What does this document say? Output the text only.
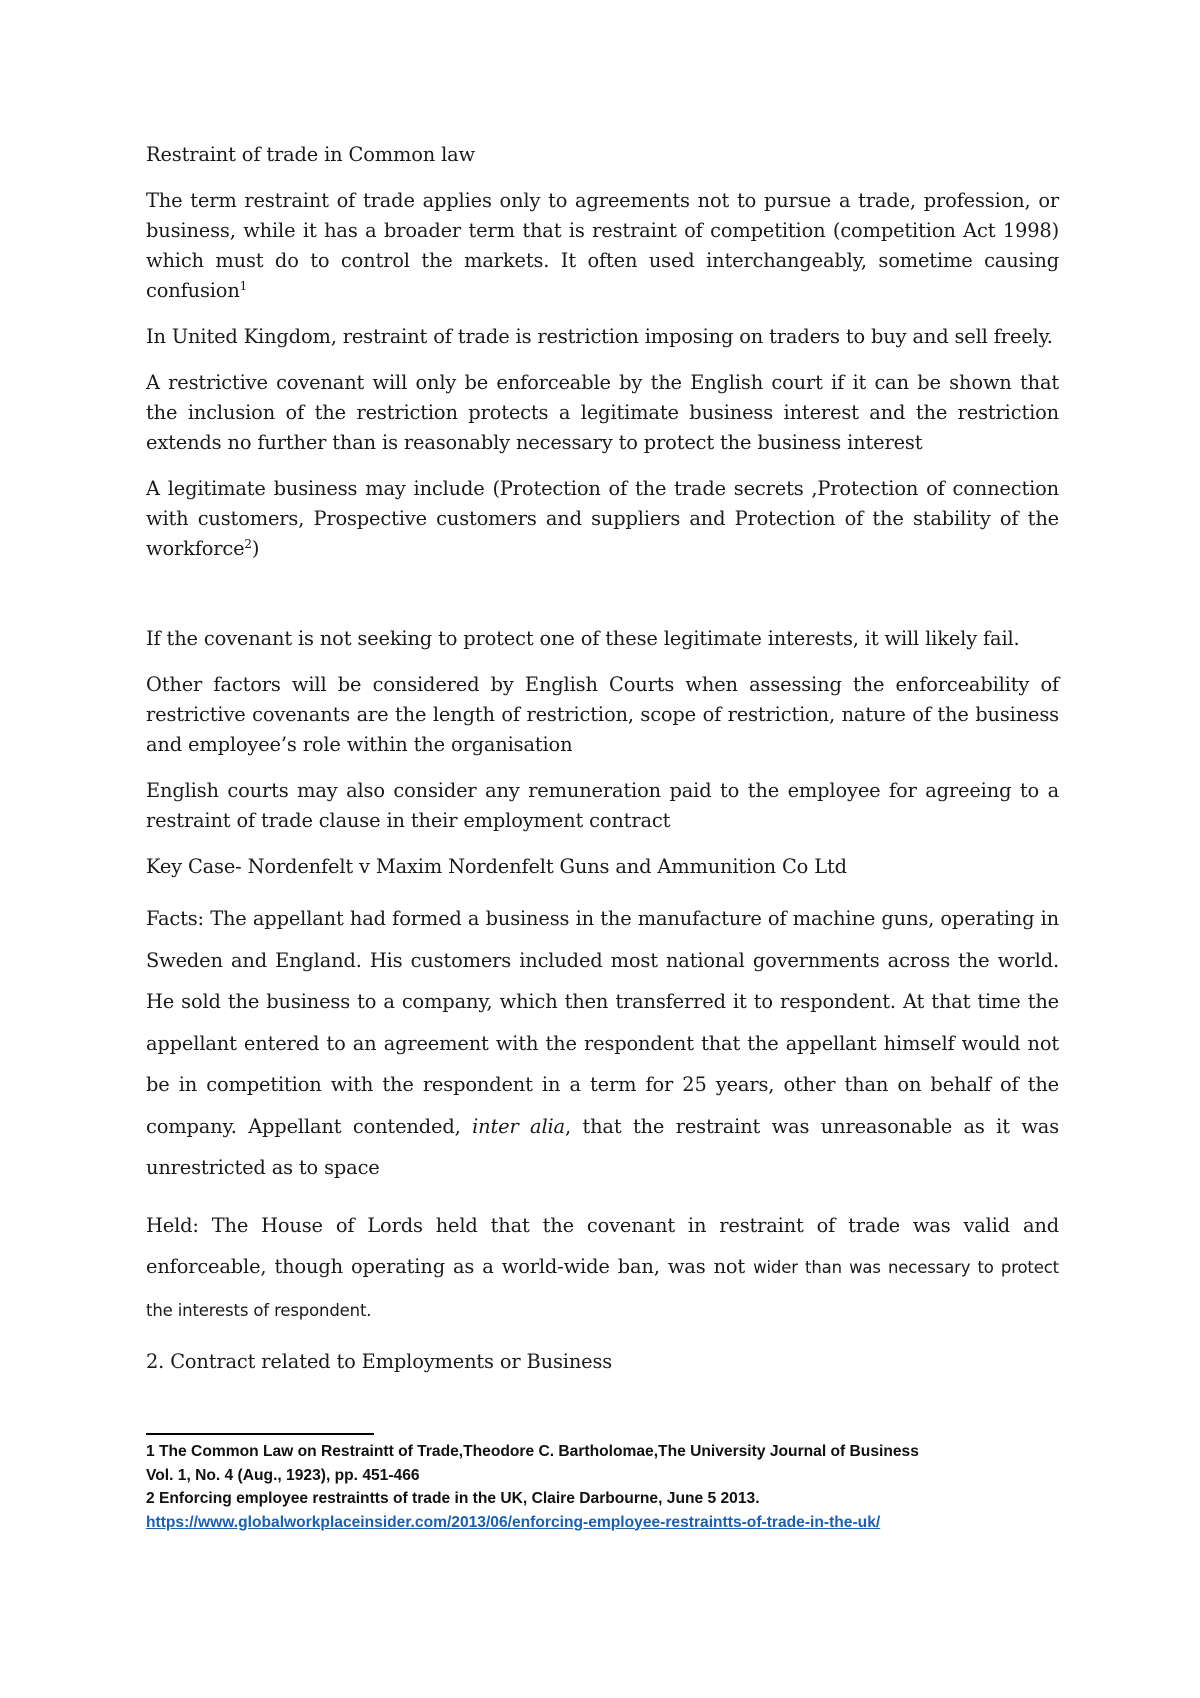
Restraint of trade in Common law

The term restraint of trade applies only to agreements not to pursue a trade, profession, or business, while it has a broader term that is restraint of competition (competition Act 1998) which must do to control the markets. It often used interchangeably, sometime causing confusion$^1$

In United Kingdom, restraint of trade is restriction imposing on traders to buy and sell freely.

A restrictive covenant will only be enforceable by the English court if it can be shown that the inclusion of the restriction protects a legitimate business interest and the restriction extends no further than is reasonably necessary to protect the business interest

A legitimate business may include (Protection of the trade secrets ,Protection of connection with customers, Prospective customers and suppliers and Protection of the stability of the workforce$^2$)

If the covenant is not seeking to protect one of these legitimate interests, it will likely fail.

Other factors will be considered by English Courts when assessing the enforceability of restrictive covenants are the length of restriction, scope of restriction, nature of the business and employee’s role within the organisation

English courts may also consider any remuneration paid to the employee for agreeing to a restraint of trade clause in their employment contract

Key Case- Nordenfelt v Maxim Nordenfelt Guns and Ammunition Co Ltd

Facts: The appellant had formed a business in the manufacture of machine guns, operating in Sweden and England. His customers included most national governments across the world. He sold the business to a company, which then transferred it to respondent. At that time the appellant entered to an agreement with the respondent that the appellant himself would not be in competition with the respondent in a term for 25 years, other than on behalf of the company. Appellant contended, inter alia, that the restraint was unreasonable as it was unrestricted as to space

Held: The House of Lords held that the covenant in restraint of trade was valid and enforceable, though operating as a world-wide ban, was not wider than was necessary to protect the interests of respondent.

2. Contract related to Employments or Business

1 The Common Law on Restraintt of Trade,Theodore C. Bartholomae,The University Journal of Business
Vol. 1, No. 4 (Aug., 1923), pp. 451-466
2 Enforcing employee restraintts of trade in the UK, Claire Darbourne, June 5 2013.
https://www.globalworkplaceinsider.com/2013/06/enforcing-employee-restraintts-of-trade-in-the-uk/
